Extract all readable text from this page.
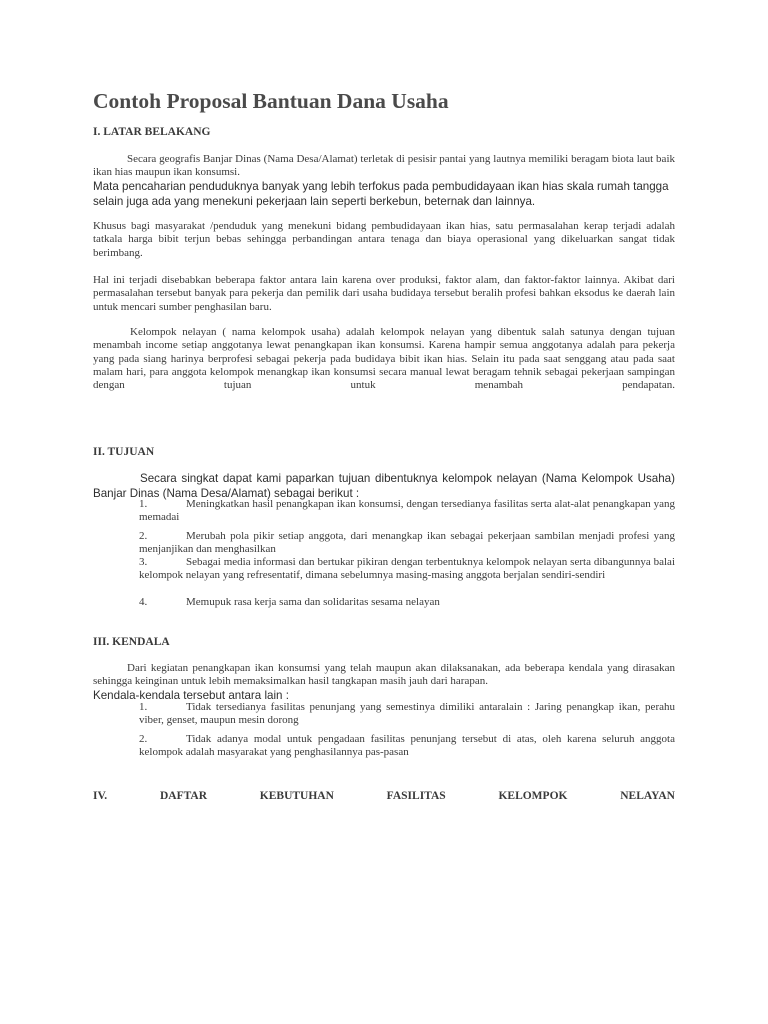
Contoh Proposal Bantuan Dana Usaha
I. LATAR BELAKANG

Secara geografis Banjar Dinas (Nama Desa/Alamat) terletak di pesisir pantai yang lautnya memiliki beragam biota laut baik ikan hias maupun ikan konsumsi.

Mata pencaharian penduduknya banyak yang lebih terfokus pada pembudidayaan ikan hias skala rumah tangga selain juga ada yang menekuni pekerjaan lain seperti berkebun, beternak dan lainnya.

Khusus bagi masyarakat /penduduk yang menekuni bidang pembudidayaan ikan hias, satu permasalahan kerap terjadi adalah tatkala harga bibit terjun bebas sehingga perbandingan antara tenaga dan biaya operasional yang dikeluarkan sangat tidak berimbang.

Hal ini terjadi disebabkan beberapa faktor antara lain karena over produksi, faktor alam, dan faktor-faktor lainnya. Akibat dari permasalahan tersebut banyak para pekerja dan pemilik dari usaha budidaya tersebut beralih profesi bahkan eksodus ke daerah lain untuk mencari sumber penghasilan baru.

Kelompok nelayan ( nama kelompok usaha) adalah kelompok nelayan yang dibentuk salah satunya dengan tujuan menambah income setiap anggotanya lewat penangkapan ikan konsumsi. Karena hampir semua anggotanya adalah para pekerja yang pada siang harinya berprofesi sebagai pekerja pada budidaya bibit ikan hias. Selain itu pada saat senggang atau pada saat malam hari, para anggota kelompok menangkap ikan konsumsi secara manual lewat beragam tehnik sebagai pekerjaan sampingan dengan tujuan untuk menambah pendapatan.

II. TUJUAN

Secara singkat dapat kami paparkan tujuan dibentuknya kelompok nelayan (Nama Kelompok Usaha) Banjar Dinas (Nama Desa/Alamat) sebagai berikut :

1.	Meningkatkan hasil penangkapan ikan konsumsi, dengan tersedianya fasilitas serta alat-alat penangkapan yang memadai
2.	Merubah pola pikir setiap anggota, dari menangkap ikan sebagai pekerjaan sambilan menjadi profesi yang menjanjikan dan menghasilkan
3.	Sebagai media informasi dan bertukar pikiran dengan terbentuknya kelompok nelayan serta dibangunnya balai kelompok nelayan yang refresentatif, dimana sebelumnya masing-masing anggota berjalan sendiri-sendiri
4.	Memupuk rasa kerja sama dan solidaritas sesama nelayan
III. KENDALA

Dari kegiatan penangkapan ikan konsumsi yang telah maupun akan dilaksanakan, ada beberapa kendala yang dirasakan sehingga keinginan untuk lebih memaksimalkan hasil tangkapan masih jauh dari harapan.

Kendala-kendala tersebut antara lain :

1.	Tidak tersedianya fasilitas penunjang yang semestinya dimiliki antaralain : Jaring penangkap ikan, perahu viber, genset, maupun mesin dorong
2.	Tidak adanya modal untuk pengadaan fasilitas penunjang tersebut di atas, oleh karena seluruh anggota kelompok adalah masyarakat yang penghasilannya pas-pasan
IV.	DAFTAR	KEBUTUHAN	FASILITAS	KELOMPOK	NELAYAN
